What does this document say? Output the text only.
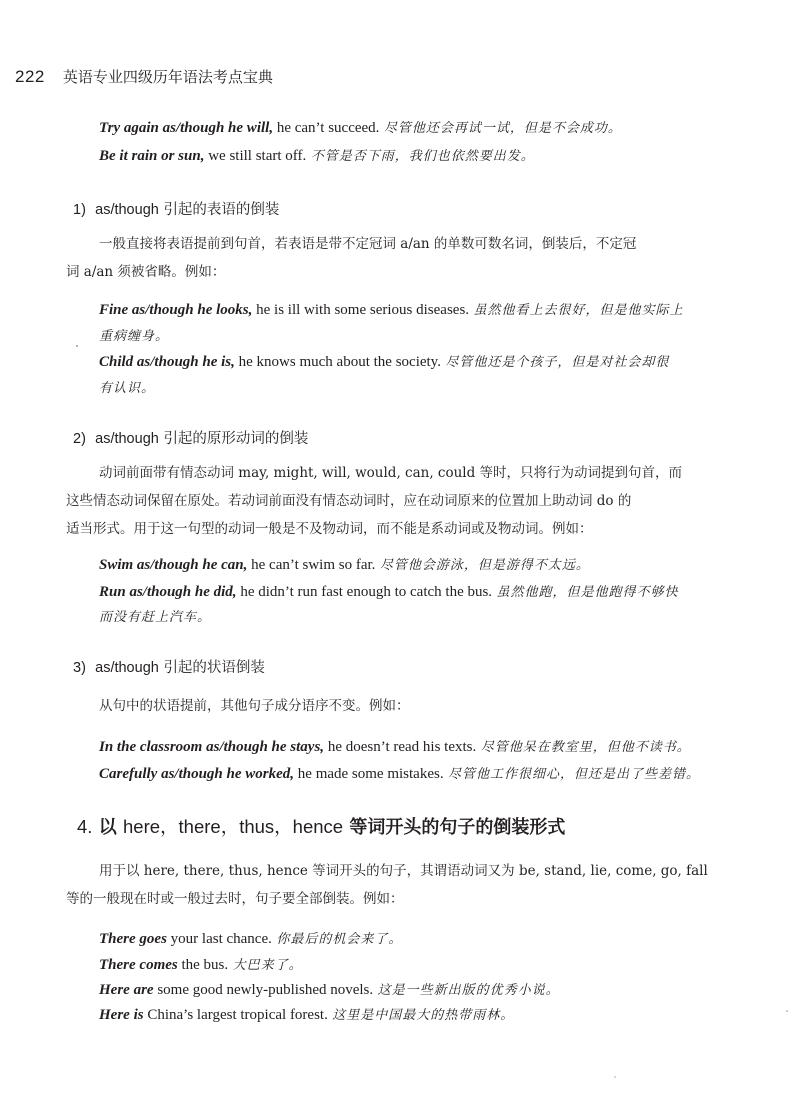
222 英语专业四级历年语法考点宝典
Try again as/though he will, he can’t succeed. 尽管他还会再试一试，但是不会成功。
Be it rain or sun, we still start off. 不管是否下雨，我们也依然要出发。
1) as/though 引起的表语的倒装
一般直接将表语提前到句首，若表语是带不定冠词 a/an 的单数可数名词，倒装后，不定冠
词 a/an 须被省略。例如：
Fine as/though he looks, he is ill with some serious diseases. 虽然他看上去很好，但是他实际上
重病缠身。
Child as/though he is, he knows much about the society. 尽管他还是个孩子，但是对社会却很
有认识。
2) as/though 引起的原形动词的倒装
动词前面带有情态动词 may, might, will, would, can, could 等时，只将行为动词提到句首，而
这些情态动词保留在原处。若动词前面没有情态动词时，应在动词原来的位置加上助动词 do 的
适当形式。用于这一句型的动词一般是不及物动词，而不能是系动词或及物动词。例如：
Swim as/though he can, he can’t swim so far. 尽管他会游泳，但是游得不太远。
Run as/though he did, he didn’t run fast enough to catch the bus. 虽然他跑，但是他跑得不够快
而没有赶上汽车。
3) as/though 引起的状语倒装
从句中的状语提前，其他句子成分语序不变。例如：
In the classroom as/though he stays, he doesn’t read his texts. 尽管他呆在教室里，但他不读书。
Carefully as/though he worked, he made some mistakes. 尽管他工作很细心，但还是出了些差错。
4. 以 here，there，thus，hence 等词开头的句子的倒装形式
用于以 here, there, thus, hence 等词开头的句子，其谓语动词又为 be, stand, lie, come, go, fall
等的一般现在时或一般过去时，句子要全部倒装。例如：
There goes your last chance. 你最后的机会来了。
There comes the bus. 大巴来了。
Here are some good newly-published novels. 这是一些新出版的优秀小说。
Here is China’s largest tropical forest. 这里是中国最大的热带雨林。
